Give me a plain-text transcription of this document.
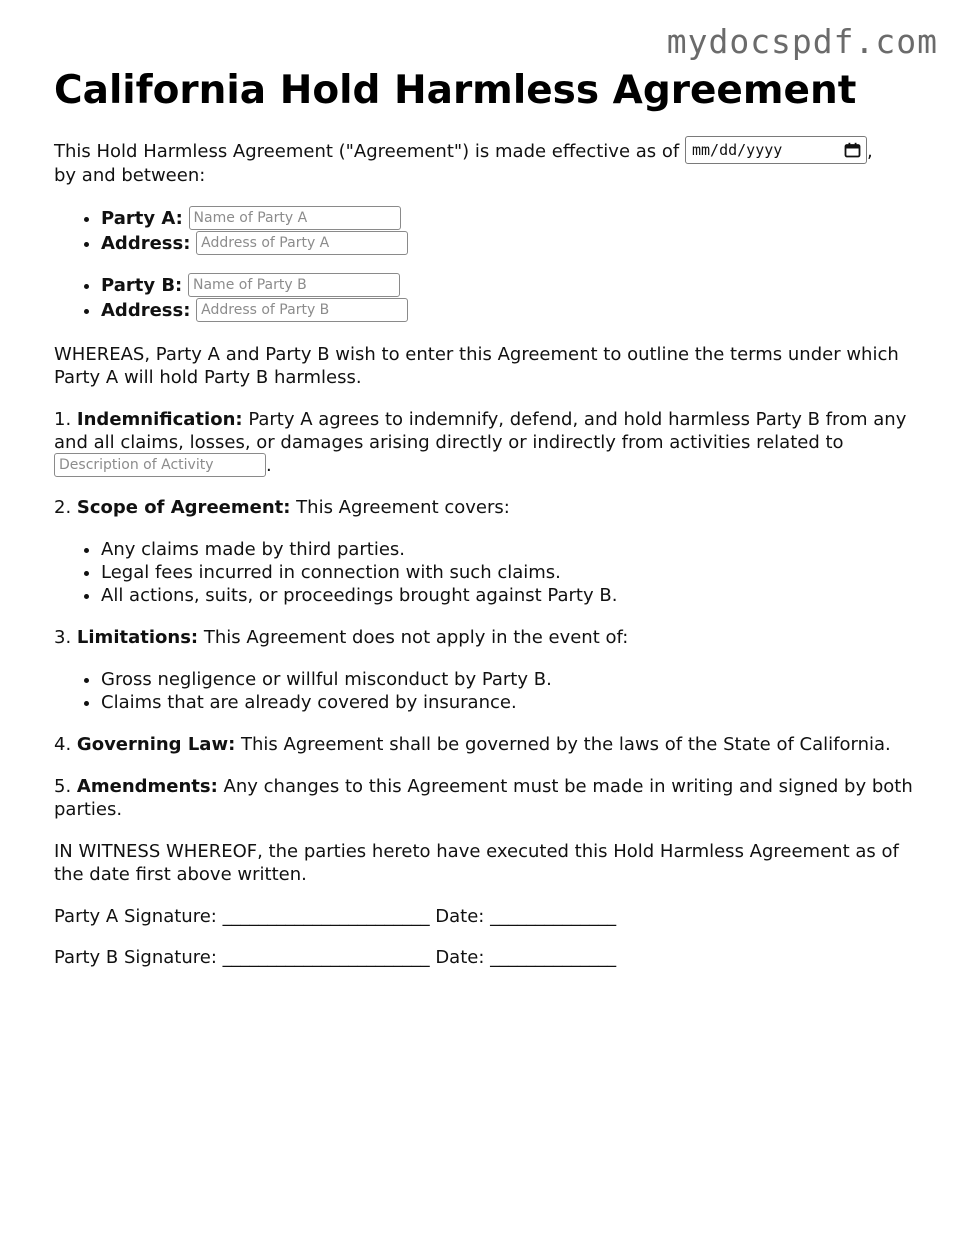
mydocspdf.com
California Hold Harmless Agreement

This Hold Harmless Agreement ("Agreement") is made effective as of mm/dd/yyyy	,
by and between:

• Party A: Name of Party A
• Address: Address of Party A
• Party B: Name of Party B
• Address: Address of Party B

WHEREAS, Party A and Party B wish to enter this Agreement to outline the terms under which Party A will hold Party B harmless.

1. Indemnification: Party A agrees to indemnify, defend, and hold harmless Party B from any and all claims, losses, or damages arising directly or indirectly from activities related to Description of Activity.

2. Scope of Agreement: This Agreement covers:

• Any claims made by third parties.
• Legal fees incurred in connection with such claims.
• All actions, suits, or proceedings brought against Party B.

3. Limitations: This Agreement does not apply in the event of:

• Gross negligence or willful misconduct by Party B.
• Claims that are already covered by insurance.

4. Governing Law: This Agreement shall be governed by the laws of the State of California.

5. Amendments: Any changes to this Agreement must be made in writing and signed by both parties.

IN WITNESS WHEREOF, the parties hereto have executed this Hold Harmless Agreement as of the date first above written.

Party A Signature: _______________________ Date: ______________

Party B Signature: _______________________ Date: ______________
